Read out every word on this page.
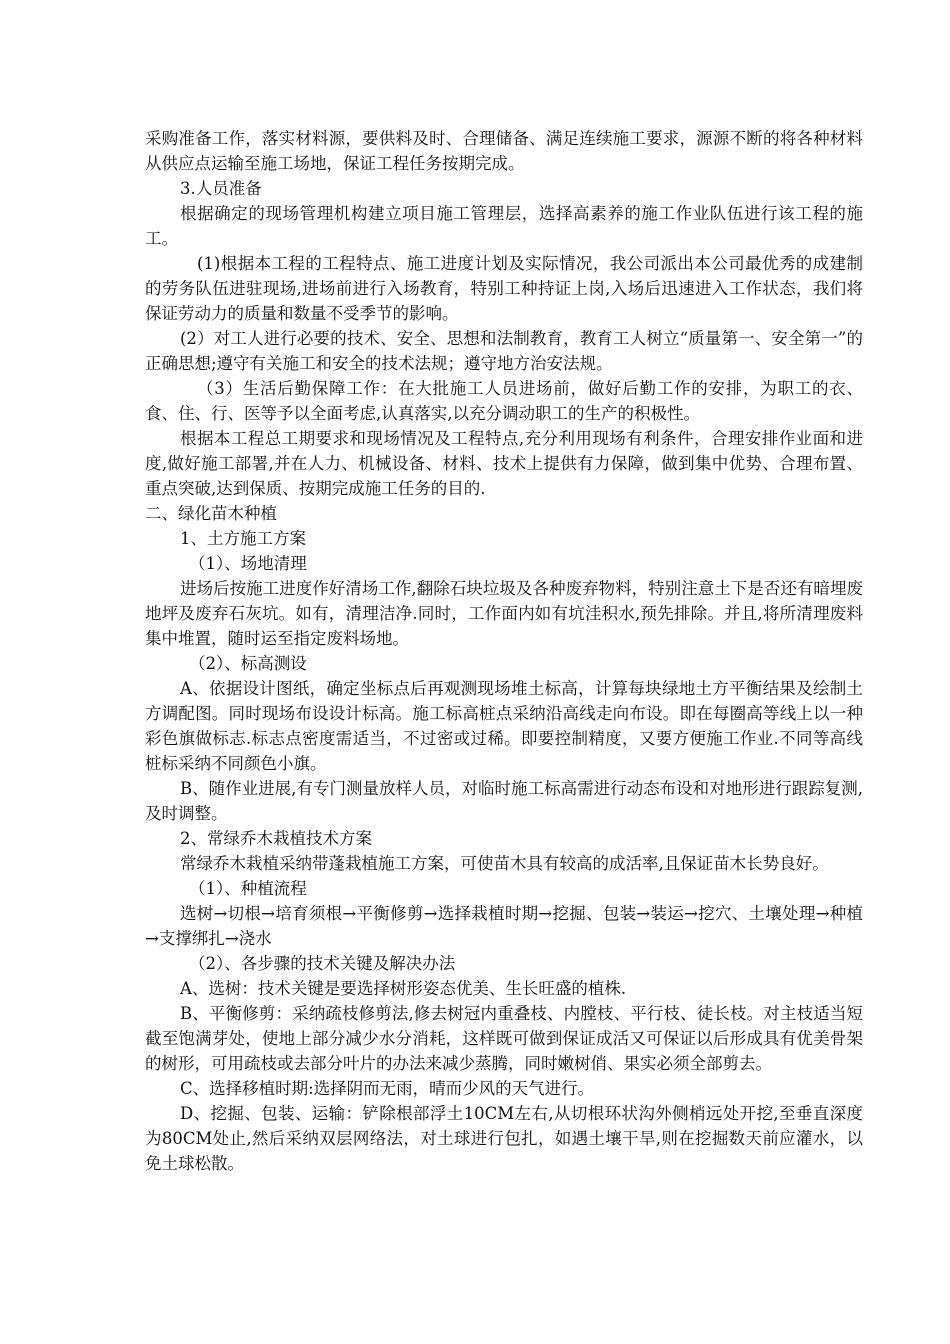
采购准备工作，落实材料源，要供料及时、合理储备、满足连续施工要求，源源不断的将各种材料从供应点运输至施工场地，保证工程任务按期完成。

3.人员准备

根据确定的现场管理机构建立项目施工管理层，选择高素养的施工作业队伍进行该工程的施工。

(1)根据本工程的工程特点、施工进度计划及实际情况，我公司派出本公司最优秀的成建制的劳务队伍进驻现场,进场前进行入场教育，特别工种持证上岗,入场后迅速进入工作状态，我们将保证劳动力的质量和数量不受季节的影响。

(2）对工人进行必要的技术、安全、思想和法制教育，教育工人树立“质量第一、安全第一”的正确思想;遵守有关施工和安全的技术法规；遵守地方治安法规。

（3）生活后勤保障工作：在大批施工人员进场前，做好后勤工作的安排，为职工的衣、食、住、行、医等予以全面考虑,认真落实,以充分调动职工的生产的积极性。

根据本工程总工期要求和现场情况及工程特点,充分利用现场有利条件，合理安排作业面和进度,做好施工部署,并在人力、机械设备、材料、技术上提供有力保障，做到集中优势、合理布置、重点突破,达到保质、按期完成施工任务的目的.

二、绿化苗木种植

1、土方施工方案

（1）、场地清理

进场后按施工进度作好清场工作,翻除石块垃圾及各种废弃物料，特别注意土下是否还有暗埋废地坪及废弃石灰坑。如有，清理洁净.同时，工作面内如有坑洼积水,预先排除。并且,将所清理废料集中堆置，随时运至指定废料场地。

（2）、标高测设

A、依据设计图纸，确定坐标点后再观测现场堆土标高，计算每块绿地土方平衡结果及绘制土方调配图。同时现场布设设计标高。施工标高桩点采纳沿高线走向布设。即在每圈高等线上以一种彩色旗做标志.标志点密度需适当，不过密或过稀。即要控制精度，又要方便施工作业.不同等高线桩标采纳不同颜色小旗。

B、随作业进展,有专门测量放样人员，对临时施工标高需进行动态布设和对地形进行跟踪复测,及时调整。

2、常绿乔木栽植技术方案

常绿乔木栽植采纳带蓬栽植施工方案，可使苗木具有较高的成活率,且保证苗木长势良好。

（1）、种植流程

选树→切根→培育须根→平衡修剪→选择栽植时期→挖掘、包装→装运→挖穴、土壤处理→种植→支撑绑扎→浇水

（2）、各步骤的技术关键及解决办法

A、选树：技术关键是要选择树形姿态优美、生长旺盛的植株.

B、平衡修剪：采纳疏枝修剪法,修去树冠内重叠枝、内膛枝、平行枝、徒长枝。对主枝适当短截至饱满芽处，使地上部分减少水分消耗，这样既可做到保证成活又可保证以后形成具有优美骨架的树形，可用疏枝或去部分叶片的办法来减少蒸腾，同时嫩树俏、果实必须全部剪去。

C、选择移植时期:选择阴而无雨，晴而少风的天气进行。

D、挖掘、包装、运输：铲除根部浮土10CM左右,从切根环状沟外侧梢远处开挖,至垂直深度为80CM处止,然后采纳双层网络法，对土球进行包扎，如遇土壤干旱,则在挖掘数天前应灌水，以免土球松散。
